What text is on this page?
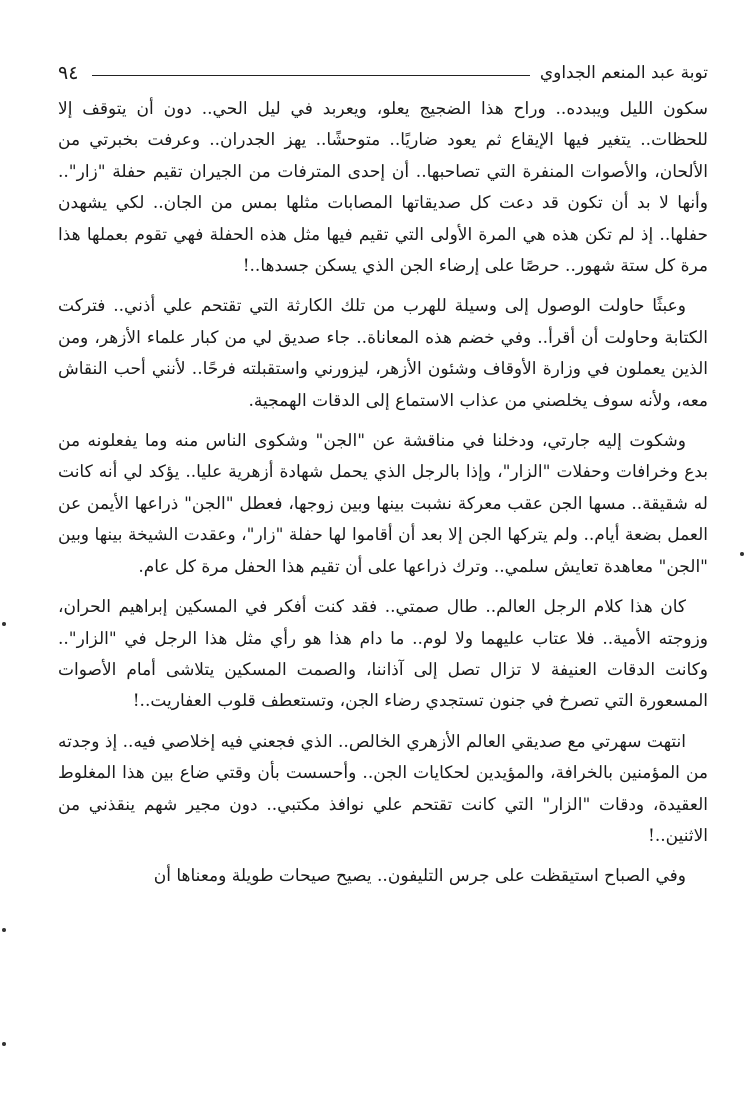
توبة عبد المنعم الجداوي
٩٤

سكون الليل ويبدده.. وراح هذا الضجيج يعلو، ويعربد في ليل الحي.. دون أن يتوقف إلا للحظات.. يتغير فيها الإيقاع ثم يعود ضاريًا.. متوحشًا.. يهز الجدران.. وعرفت بخبرتي من الألحان، والأصوات المنفرة التي تصاحبها.. أن إحدى المترفات من الجيران تقيم حفلة "زار".. وأنها لا بد أن تكون قد دعت كل صديقاتها المصابات مثلها بمس من الجان.. لكي يشهدن حفلها.. إذ لم تكن هذه هي المرة الأولى التي تقيم فيها مثل هذه الحفلة فهي تقوم بعملها هذا مرة كل ستة شهور.. حرصًا على إرضاء الجن الذي يسكن جسدها..!

وعبثًا حاولت الوصول إلى وسيلة للهرب من تلك الكارثة التي تقتحم علي أذني.. فتركت الكتابة وحاولت أن أقرأ.. وفي خضم هذه المعاناة.. جاء صديق لي من كبار علماء الأزهر، ومن الذين يعملون في وزارة الأوقاف وشئون الأزهر، ليزورني واستقبلته فرحًا.. لأنني أحب النقاش معه، ولأنه سوف يخلصني من عذاب الاستماع إلى الدقات الهمجية.

وشكوت إليه جارتي، ودخلنا في مناقشة عن "الجن" وشكوى الناس منه وما يفعلونه من بدع وخرافات وحفلات "الزار"، وإذا بالرجل الذي يحمل شهادة أزهرية عليا.. يؤكد لي أنه كانت له شقيقة.. مسها الجن عقب معركة نشبت بينها وبين زوجها، فعطل "الجن" ذراعها الأيمن عن العمل بضعة أيام.. ولم يتركها الجن إلا بعد أن أقاموا لها حفلة "زار"، وعقدت الشيخة بينها وبين "الجن" معاهدة تعايش سلمي.. وترك ذراعها على أن تقيم هذا الحفل مرة كل عام.

كان هذا كلام الرجل العالم.. طال صمتي.. فقد كنت أفكر في المسكين إبراهيم الحران، وزوجته الأمية.. فلا عتاب عليهما ولا لوم.. ما دام هذا هو رأي مثل هذا الرجل في "الزار".. وكانت الدقات العنيفة لا تزال تصل إلى آذاننا، والصمت المسكين يتلاشى أمام الأصوات المسعورة التي تصرخ في جنون تستجدي رضاء الجن، وتستعطف قلوب العفاريت..!

انتهت سهرتي مع صديقي العالم الأزهري الخالص.. الذي فجعني فيه إخلاصي فيه.. إذ وجدته من المؤمنين بالخرافة، والمؤيدين لحكايات الجن.. وأحسست بأن وقتي ضاع بين هذا المغلوط العقيدة، ودقات "الزار" التي كانت تقتحم علي نوافذ مكتبي.. دون مجير شهم ينقذني من الاثنين..!

وفي الصباح استيقظت على جرس التليفون.. يصيح صيحات طويلة ومعناها أن
